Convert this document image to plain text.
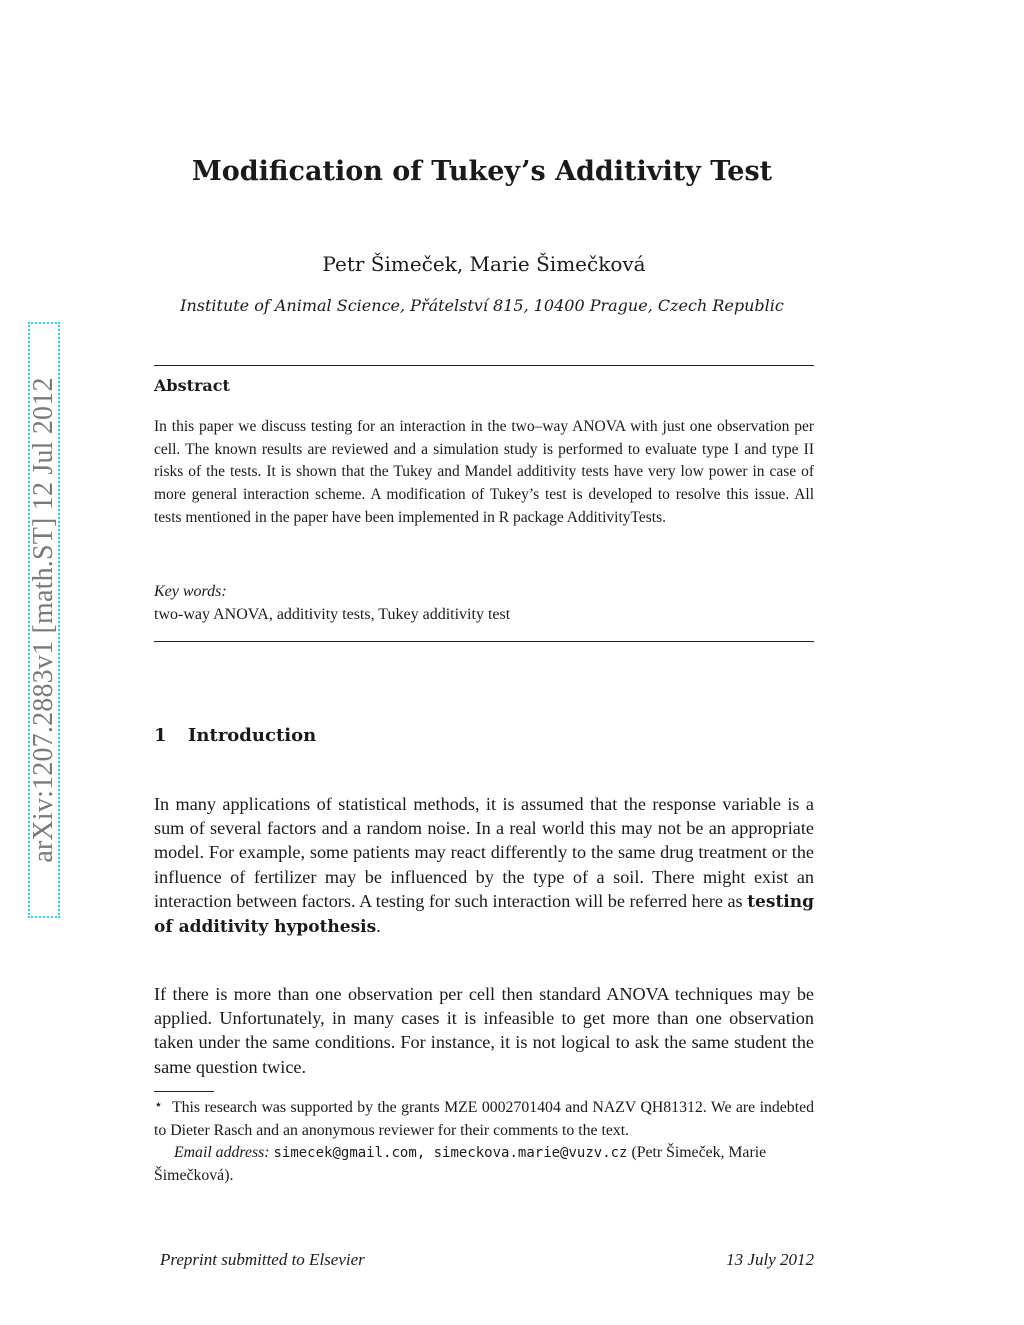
arXiv:1207.2883v1 [math.ST] 12 Jul 2012
Modification of Tukey’s Additivity Test
Petr Šimeček, Marie Šimečková
Institute of Animal Science, Přátelství 815, 10400 Prague, Czech Republic
Abstract
In this paper we discuss testing for an interaction in the two–way ANOVA with just one observation per cell. The known results are reviewed and a simulation study is performed to evaluate type I and type II risks of the tests. It is shown that the Tukey and Mandel additivity tests have very low power in case of more general interaction scheme. A modification of Tukey’s test is developed to resolve this issue. All tests mentioned in the paper have been implemented in R package AdditivityTests.
Key words:
two-way ANOVA, additivity tests, Tukey additivity test
1 Introduction
In many applications of statistical methods, it is assumed that the response variable is a sum of several factors and a random noise. In a real world this may not be an appropriate model. For example, some patients may react differently to the same drug treatment or the influence of fertilizer may be influenced by the type of a soil. There might exist an interaction between factors. A testing for such interaction will be referred here as testing of additivity hypothesis.
If there is more than one observation per cell then standard ANOVA techniques may be applied. Unfortunately, in many cases it is infeasible to get more than one observation taken under the same conditions. For instance, it is not logical to ask the same student the same question twice.
⋆ This research was supported by the grants MZE 0002701404 and NAZV QH81312. We are indebted to Dieter Rasch and an anonymous reviewer for their comments to the text.
Email address: simecek@gmail.com, simeckova.marie@vuzv.cz (Petr Šimeček, Marie Šimečková).
Preprint submitted to Elsevier	13 July 2012
